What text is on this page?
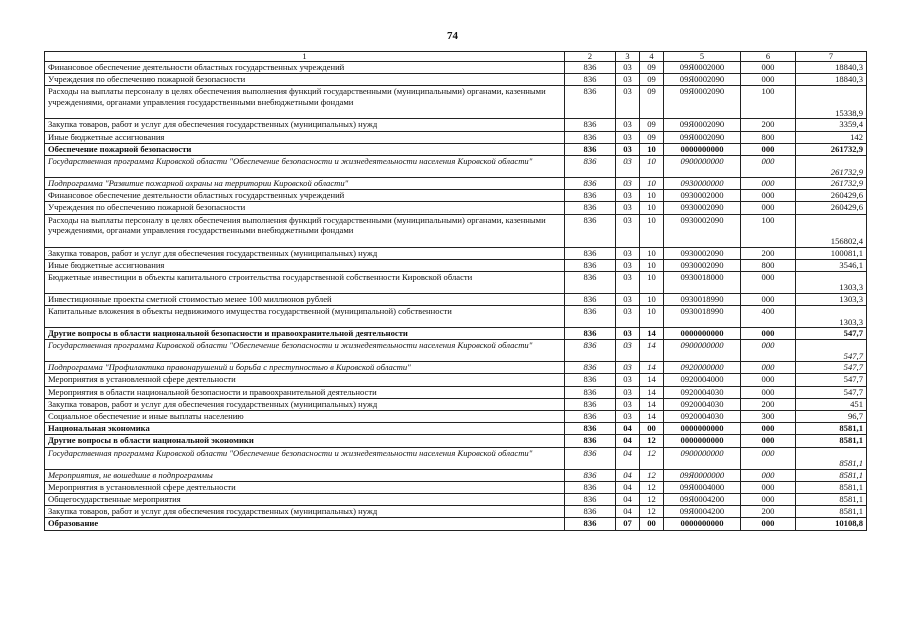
74
1	2	3	4	5	6	7
Финансовое обеспечение деятельности областных государственных учреждений	836	03	09	09Я0002000	000	18840,3
Учреждения по обеспечению пожарной безопасности	836	03	09	09Я0002090	000	18840,3
Расходы на выплаты персоналу в целях обеспечения выполнения функций государственными (муниципальными) органами, казенными учреждениями, органами управления государственными внебюджетными фондами	836	03	09	09Я0002090	100	15338,9
Закупка товаров, работ и услуг для обеспечения государственных (муниципальных) нужд	836	03	09	09Я0002090	200	3359,4
Иные бюджетные ассигнования	836	03	09	09Я0002090	800	142
Обеспечение пожарной безопасности	836	03	10	0000000000	000	261732,9
Государственная программа Кировской области "Обеспечение безопасности и жизнедеятельности населения Кировской области"	836	03	10	0900000000	000	261732,9
Подпрограмма "Развитие пожарной охраны на территории Кировской области"	836	03	10	0930000000	000	261732,9
Финансовое обеспечение деятельности областных государственных учреждений	836	03	10	0930002000	000	260429,6
Учреждения по обеспечению пожарной безопасности	836	03	10	0930002090	000	260429,6
Расходы на выплаты персоналу в целях обеспечения выполнения функций государственными (муниципальными) органами, казенными учреждениями, органами управления государственными внебюджетными фондами	836	03	10	0930002090	100	156802,4
Закупка товаров, работ и услуг для обеспечения государственных (муниципальных) нужд	836	03	10	0930002090	200	100081,1
Иные бюджетные ассигнования	836	03	10	0930002090	800	3546,1
Бюджетные инвестиции в объекты капитального строительства государственной собственности Кировской области	836	03	10	0930018000	000	1303,3
Инвестиционные проекты сметной стоимостью менее 100 миллионов рублей	836	03	10	0930018990	000	1303,3
Капитальные вложения в объекты недвижимого имущества государственной (муниципальной) собственности	836	03	10	0930018990	400	1303,3
Другие вопросы в области национальной безопасности и правоохранительной деятельности	836	03	14	0000000000	000	547,7
Государственная программа Кировской области "Обеспечение безопасности и жизнедеятельности населения Кировской области"	836	03	14	0900000000	000	547,7
Подпрограмма "Профилактика правонарушений и борьба с преступностью в Кировской области"	836	03	14	0920000000	000	547,7
Мероприятия в установленной сфере деятельности	836	03	14	0920004000	000	547,7
Мероприятия в области национальной безопасности и правоохранительной деятельности	836	03	14	0920004030	000	547,7
Закупка товаров, работ и услуг для обеспечения государственных (муниципальных) нужд	836	03	14	0920004030	200	451
Социальное обеспечение и иные выплаты населению	836	03	14	0920004030	300	96,7
Национальная экономика	836	04	00	0000000000	000	8581,1
Другие вопросы в области национальной экономики	836	04	12	0000000000	000	8581,1
Государственная программа Кировской области "Обеспечение безопасности и жизнедеятельности населения Кировской области"	836	04	12	0900000000	000	8581,1
Мероприятия, не вошедшие в подпрограммы	836	04	12	09Я0000000	000	8581,1
Мероприятия в установленной сфере деятельности	836	04	12	09Я0004000	000	8581,1
Общегосударственные мероприятия	836	04	12	09Я0004200	000	8581,1
Закупка товаров, работ и услуг для обеспечения государственных (муниципальных) нужд	836	04	12	09Я0004200	200	8581,1
Образование	836	07	00	0000000000	000	10108,8
